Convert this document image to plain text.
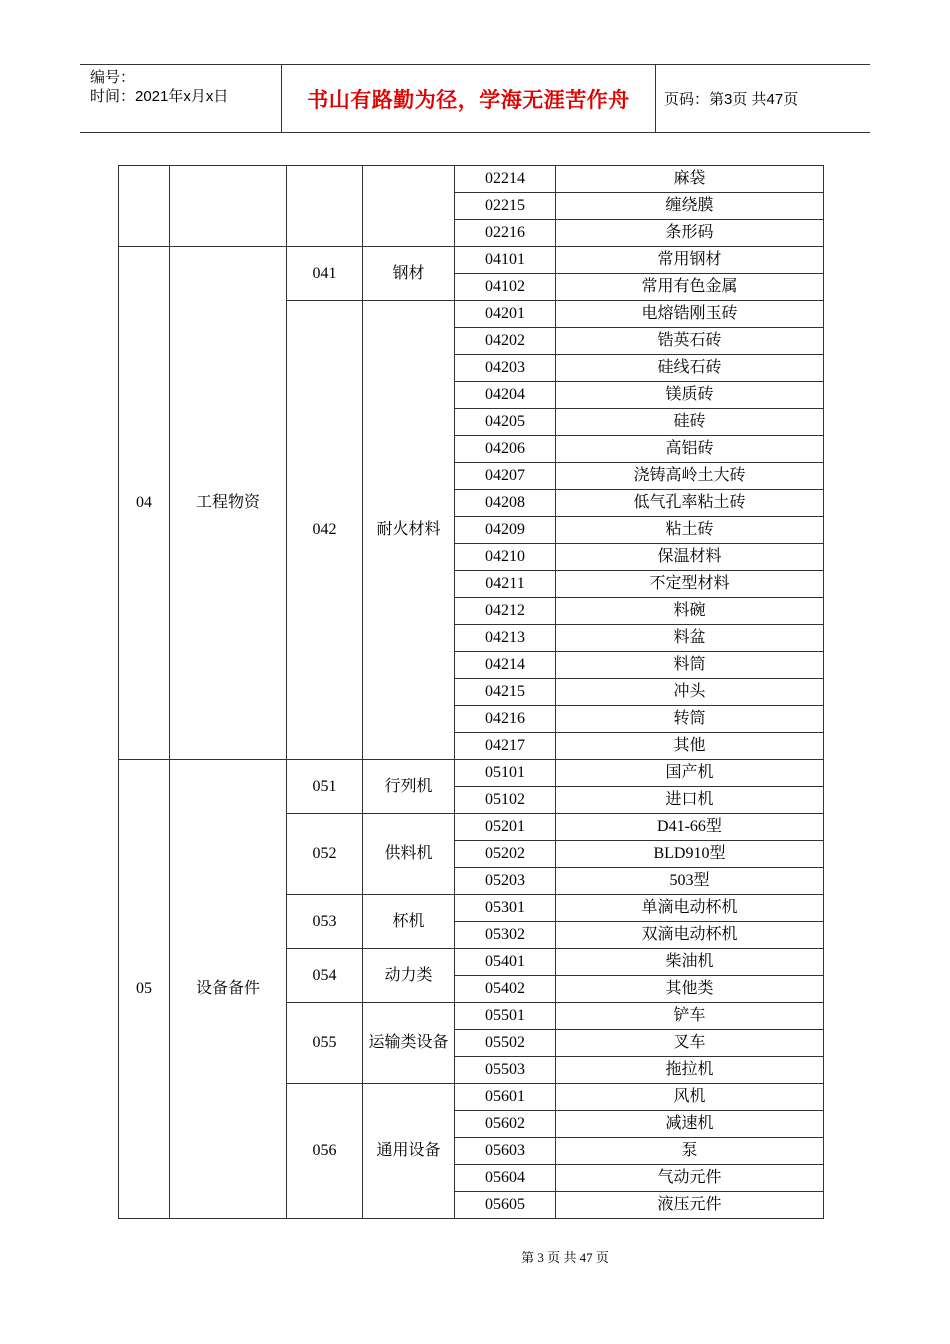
编号：
时间：2021年x月x日	书山有路勤为径，学海无涯苦作舟	页码：第3页 共47页
				02214	麻袋
				02215	缠绕膜
				02216	条形码
04	工程物资	041	钢材	04101	常用钢材
				04102	常用有色金属
		042	耐火材料	04201	电熔锆刚玉砖
				04202	锆英石砖
				04203	硅线石砖
				04204	镁质砖
				04205	硅砖
				04206	高铝砖
				04207	浇铸高岭土大砖
				04208	低气孔率粘土砖
				04209	粘土砖
				04210	保温材料
				04211	不定型材料
				04212	料碗
				04213	料盆
				04214	料筒
				04215	冲头
				04216	转筒
				04217	其他
05	设备备件	051	行列机	05101	国产机
				05102	进口机
		052	供料机	05201	D41-66型
				05202	BLD910型
				05203	503型
		053	杯机	05301	单滴电动杯机
				05302	双滴电动杯机
		054	动力类	05401	柴油机
				05402	其他类
		055	运输类设备	05501	铲车
				05502	叉车
				05503	拖拉机
		056	通用设备	05601	风机
				05602	减速机
				05603	泵
				05604	气动元件
				05605	液压元件
第 3 页 共 47 页
